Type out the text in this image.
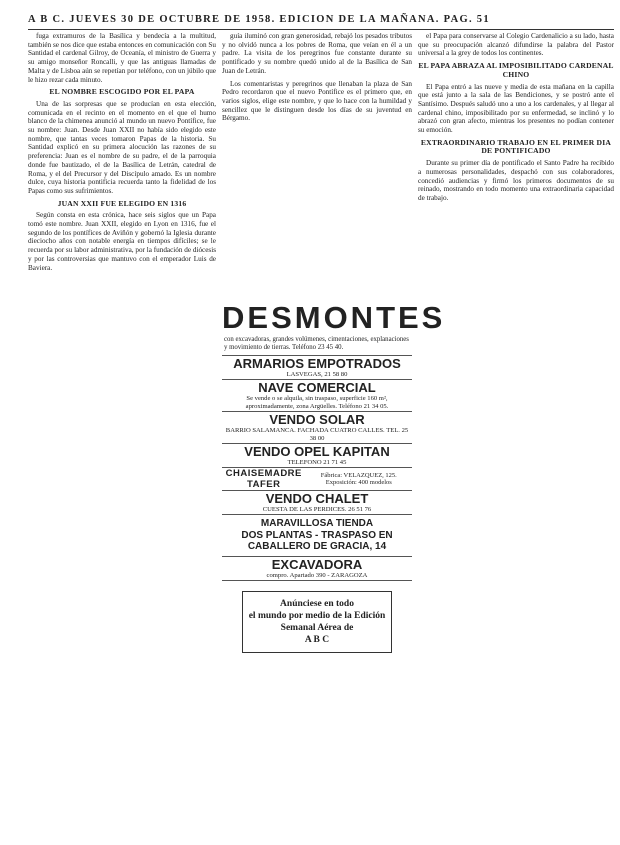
A B C. JUEVES 30 DE OCTUBRE DE 1958. EDICION DE LA MAÑANA. PAG. 51

fuga extramuros de la Basílica y bendecía a la multitud, también se nos dice que estaba entonces en comunicación con Su Santidad el cardenal Gilroy, de Oceanía, el ministro de Guerra y su amigo monseñor Roncalli, y que las antiguas llamadas de Malta y de Lisboa aún se repetían por teléfono, con un júbilo que le hizo rezar cada minuto.

EL NOMBRE ESCOGIDO POR EL PAPA

Una de las sorpresas que se producían en esta elección, comunicada en el recinto en el momento en el que el humo blanco de la chimenea anunció al mundo un nuevo Pontífice, fue su nombre: Juan. Desde Juan XXII no había sido elegido este nombre, que tantas veces tomaron Papas de la historia. Su Santidad explicó en su primera alocución las razones de su preferencia: Juan es el nombre de su padre, el de la parroquia donde fue bautizado, el de la Basílica de Letrán, catedral de Roma, y el del Precursor y del Discípulo amado. Es un nombre dulce, cuya historia pontificia recuerda tanto la fidelidad de los Papas como sus sufrimientos.

JUAN XXII FUE ELEGIDO EN 1316

Según consta en esta crónica, hace seis siglos que un Papa tomó este nombre. Juan XXII, elegido en Lyon en 1316, fue el segundo de los pontífices de Aviñón y gobernó la Iglesia durante dieciocho años con notable energía en tiempos difíciles; se le recuerda por su labor administrativa, por la fundación de diócesis y por las controversias que mantuvo con el emperador Luis de Baviera.

guía iluminó con gran generosidad, rebajó los pesados tributos y no olvidó nunca a los pobres de Roma, que veían en él a un padre. La visita de los peregrinos fue constante durante su pontificado y su nombre quedó unido al de la Basílica de San Juan de Letrán.

Los comentaristas y peregrinos que llenaban la plaza de San Pedro recordaron que el nuevo Pontífice es el primero que, en varios siglos, elige este nombre, y que lo hace con la humildad y sencillez que le distinguen desde los días de su juventud en Bérgamo.

DESMONTES
con excavadoras, grandes volúmenes, cimentaciones, explanaciones y movimiento de tierras. Teléfono 23 45 40.
ARMARIOS EMPOTRADOS
LASVEGAS, 21 58 80
NAVE COMERCIAL
Se vende o se alquila, sin traspaso, superficie 160 m², aproximadamente, zona Argüelles. Teléfono 21 34 05.
VENDO SOLAR
BARRIO SALAMANCA. FACHADA CUATRO CALLES. TEL. 25 38 00
VENDO OPEL KAPITAN
TELEFONO 21 71 45
CHAISEMADRE TAFER
Fábrica: VELAZQUEZ, 125. Exposición: 400 modelos
VENDO CHALET
CUESTA DE LAS PERDICES. 26 51 76
MARAVILLOSA TIENDA
DOS PLANTAS - TRASPASO EN
CABALLERO DE GRACIA, 14
EXCAVADORA
compro. Apartado 390 - ZARAGOZA
Anúnciese en todo
el mundo por medio de la Edición
Semanal Aérea de
A B C

el Papa para conservarse al Colegio Cardenalicio a su lado, hasta que su preocupación alcanzó difundirse la palabra del Pastor universal a la grey de todos los continentes.

EL PAPA ABRAZA AL IMPOSIBILITADO CARDENAL CHINO

El Papa entró a las nueve y media de esta mañana en la capilla que está junto a la sala de las Bendiciones, y se postró ante el Santísimo. Después saludó uno a uno a los cardenales, y al llegar al cardenal chino, imposibilitado por su enfermedad, se inclinó y lo abrazó con gran afecto, mientras los presentes no podían contener su emoción.

EXTRAORDINARIO TRABAJO EN EL PRIMER DIA DE PONTIFICADO

Durante su primer día de pontificado el Santo Padre ha recibido a numerosas personalidades, despachó con sus colaboradores, concedió audiencias y firmó los primeros documentos de su reinado, mostrando en todo momento una extraordinaria capacidad de trabajo.
